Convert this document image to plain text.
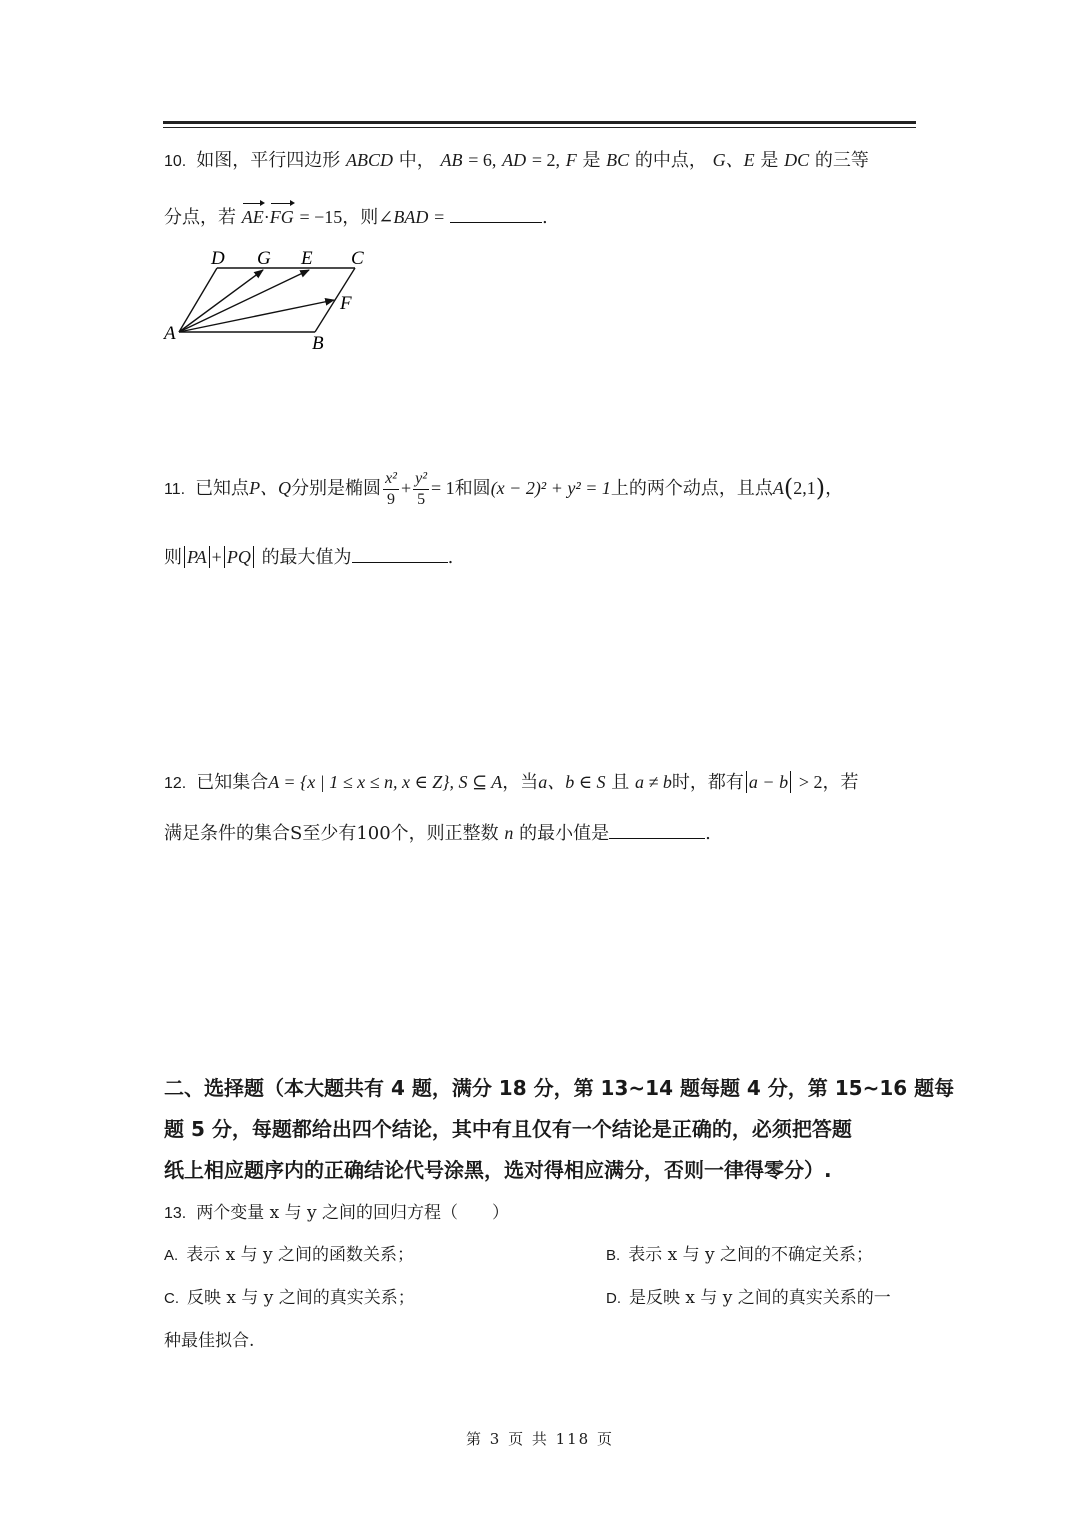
10. 如图，平行四边形 ABCD 中， AB = 6, AD = 2, F 是 BC 的中点， G、E 是 DC 的三等
分点，若 AE·FG = −15，则∠BAD =	.
A	B
C
D	E
F
G
11. 已知点P、Q分别是椭圆 $\frac{\text{x²}}{9} + \frac{\text{y²}}{5} = 1$和圆(x − 2)² + y² = 1上的两个动点，且点A(2,1)，
则 PA + PQ 的最大值为	.
12. 已知集合A = {x | 1 ≤ x ≤ n, x ∈ Z}, S ⊆ A，当a、b ∈ S 且 a ≠ b时，都有 a − b > 2，若
满足条件的集合S至少有100个，则正整数 n 的最小值是	.
二、选择题（本大题共有 4 题，满分 18 分，第 13~14 题每题 4 分，第 15~16 题每
题 5 分，每题都给出四个结论，其中有且仅有一个结论是正确的，必须把答题
纸上相应题序内的正确结论代号涂黑，选对得相应满分，否则一律得零分）.
13. 两个变量 x 与 y 之间的回归方程（　　）
A. 表示 x 与 y 之间的函数关系；	B. 表示 x 与 y 之间的不确定关系；
C. 反映 x 与 y 之间的真实关系；	D. 是反映 x 与 y 之间的真实关系的一
种最佳拟合.
第 3 页 共 118 页
